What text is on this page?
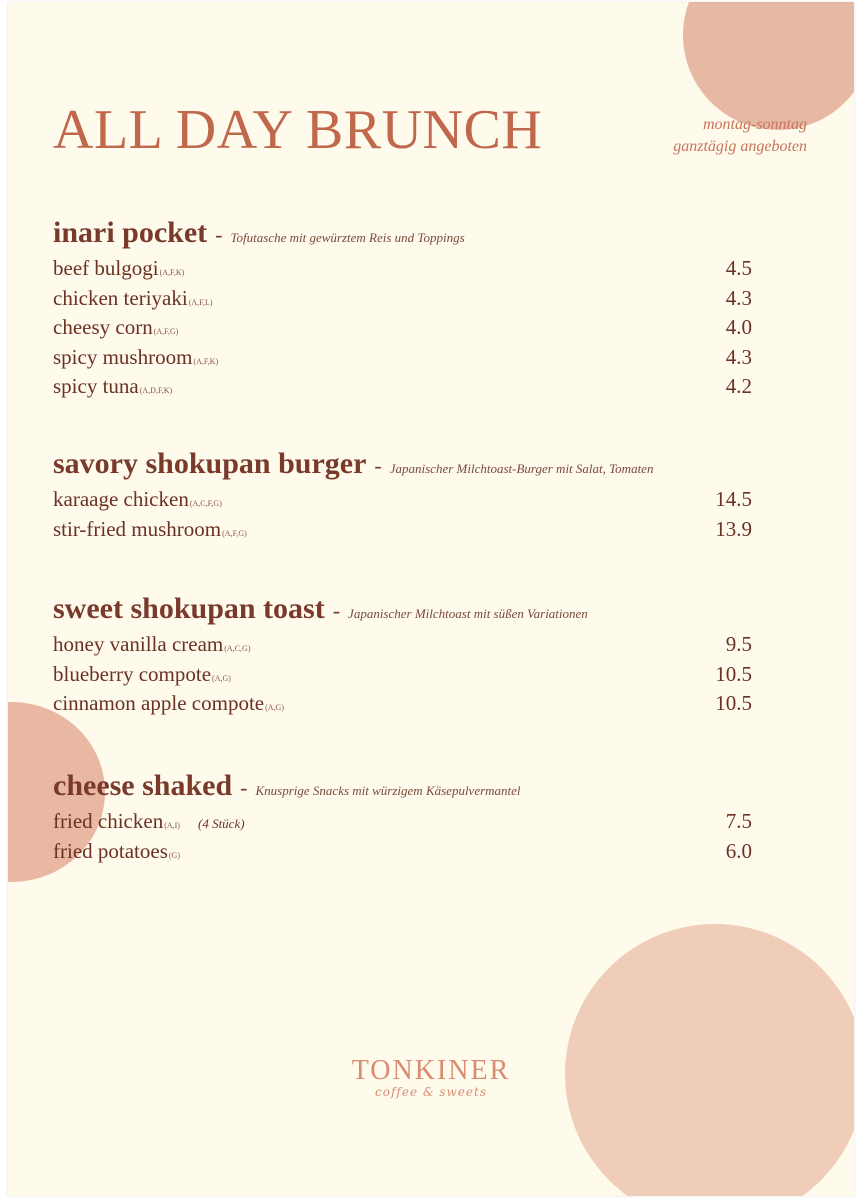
ALL DAY BRUNCH	montag-sonntag
ganztägig angeboten
inari pocket - Tofutasche mit gewürztem Reis und Toppings
beef bulgogi (A,F,K)	4.5
chicken teriyaki (A,F,L)	4.3
cheesy corn (A,F,G)	4.0
spicy mushroom (A,F,K)	4.3
spicy tuna (A,D,F,K)	4.2
savory shokupan burger - Japanischer Milchtoast-Burger mit Salat, Tomaten
karaage chicken (A,C,F,G)	14.5
stir-fried mushroom (A,F,G)	13.9
sweet shokupan toast - Japanischer Milchtoast mit süßen Variationen
honey vanilla cream (A,C,G)	9.5
blueberry compote (A,G)	10.5
cinnamon apple compote (A,G)	10.5
cheese shaked - Knusprige Snacks mit würzigem Käsepulvermantel
fried chicken (A,I) (4 Stück)	7.5
fried potatoes (G)	6.0
TONKINER
coffee & sweets
